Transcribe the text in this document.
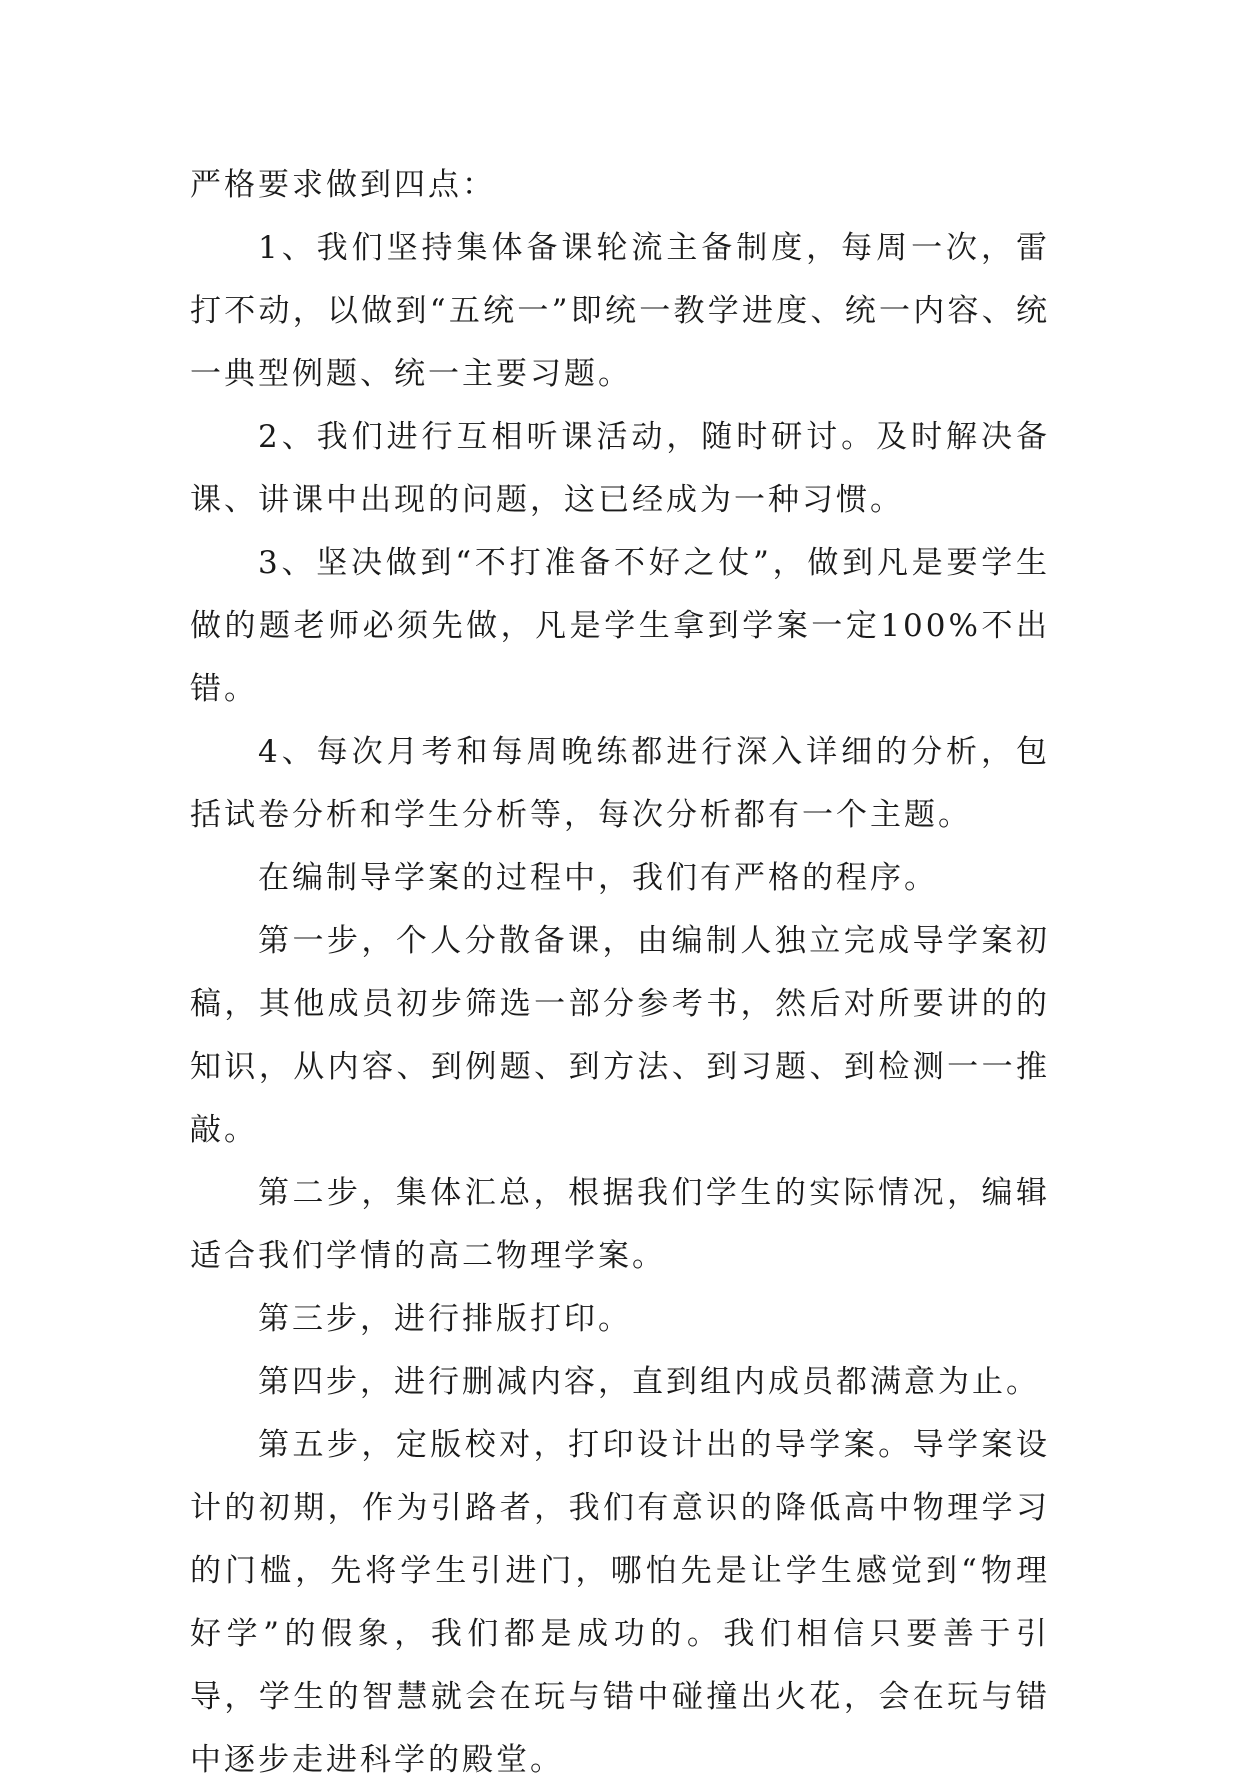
严格要求做到四点：

1、我们坚持集体备课轮流主备制度，每周一次，雷打不动，以做到“五统一”即统一教学进度、统一内容、统一典型例题、统一主要习题。

2、我们进行互相听课活动，随时研讨。及时解决备课、讲课中出现的问题，这已经成为一种习惯。

3、坚决做到“不打准备不好之仗”，做到凡是要学生做的题老师必须先做，凡是学生拿到学案一定100%不出错。

4、每次月考和每周晚练都进行深入详细的分析，包括试卷分析和学生分析等，每次分析都有一个主题。

在编制导学案的过程中，我们有严格的程序。

第一步，个人分散备课，由编制人独立完成导学案初稿，其他成员初步筛选一部分参考书，然后对所要讲的的知识，从内容、到例题、到方法、到习题、到检测一一推敲。

第二步，集体汇总，根据我们学生的实际情况，编辑适合我们学情的高二物理学案。

第三步，进行排版打印。

第四步，进行删减内容，直到组内成员都满意为止。

第五步，定版校对，打印设计出的导学案。导学案设计的初期，作为引路者，我们有意识的降低高中物理学习的门槛，先将学生引进门，哪怕先是让学生感觉到“物理好学”的假象，我们都是成功的。我们相信只要善于引导，学生的智慧就会在玩与错中碰撞出火花，会在玩与错中逐步走进科学的殿堂。
